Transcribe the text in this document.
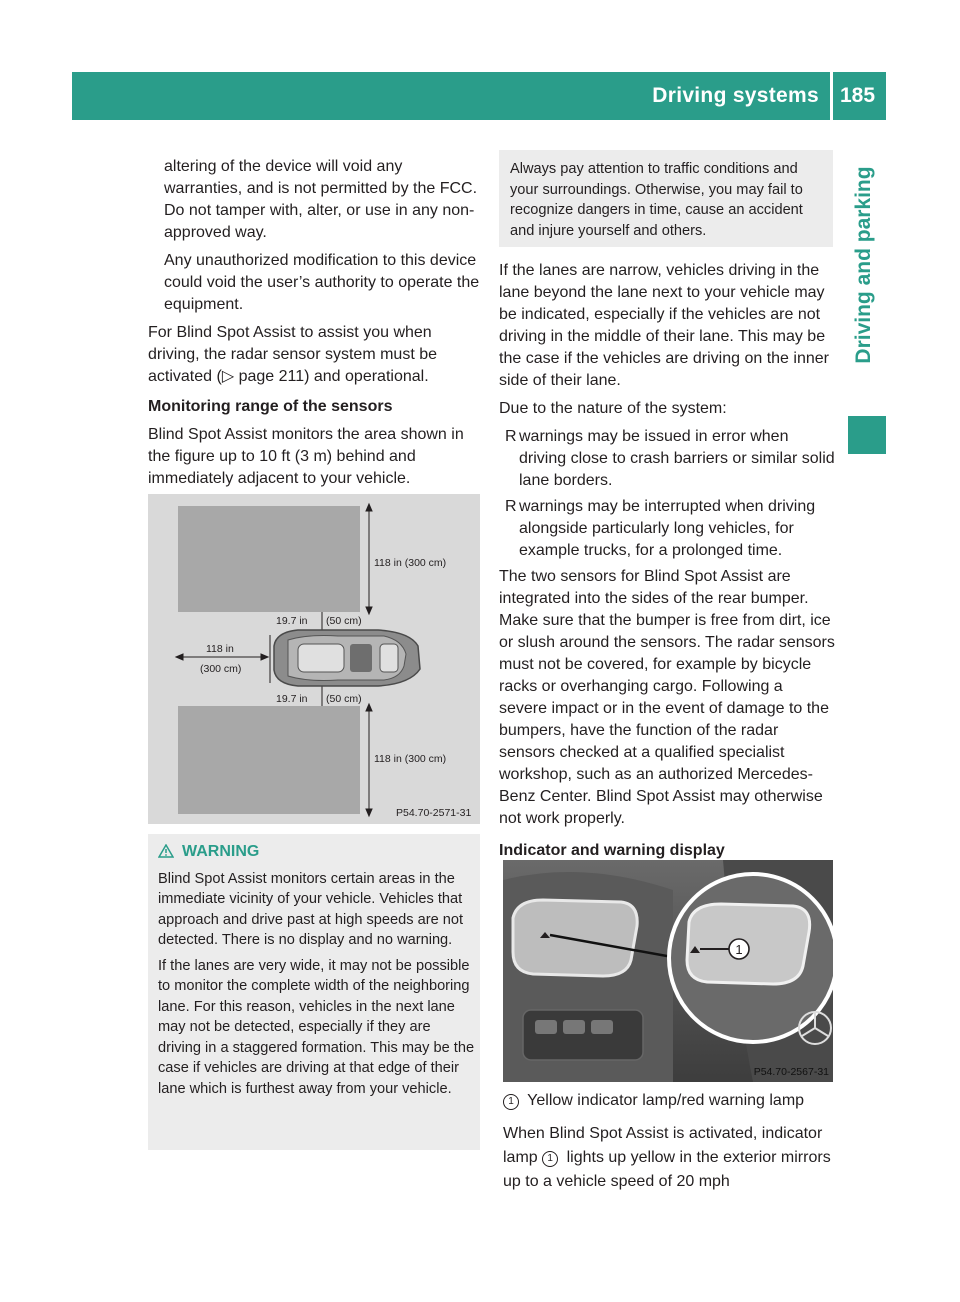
Driving systems 185
Driving and parking

altering of the device will void any warranties, and is not permitted by the FCC. Do not tamper with, alter, or use in any non-approved way.

Any unauthorized modification to this device could void the user’s authority to operate the equipment.

For Blind Spot Assist to assist you when driving, the radar sensor system must be activated (▷ page 211) and operational.

Monitoring range of the sensors

Blind Spot Assist monitors the area shown in the figure up to 10 ft (3 m) behind and immediately adjacent to your vehicle.

118 in (300 cm)
19.7 in (50 cm)
118 in
(300 cm)
19.7 in (50 cm)
118 in (300 cm)
P54.70-2571-31
WARNING

Blind Spot Assist monitors certain areas in the immediate vicinity of your vehicle. Vehicles that approach and drive past at high speeds are not detected. There is no display and no warning.

If the lanes are very wide, it may not be possible to monitor the complete width of the neighboring lane. For this reason, vehicles in the next lane may not be detected, especially if they are driving in a staggered formation. This may be the case if vehicles are driving at that edge of their lane which is furthest away from your vehicle.

Always pay attention to traffic conditions and your surroundings. Otherwise, you may fail to recognize dangers in time, cause an accident and injure yourself and others.

If the lanes are narrow, vehicles driving in the lane beyond the lane next to your vehicle may be indicated, especially if the vehicles are not driving in the middle of their lane. This may be the case if the vehicles are driving on the inner side of their lane.

Due to the nature of the system:

R warnings may be issued in error when driving close to crash barriers or similar solid lane borders.
R warnings may be interrupted when driving alongside particularly long vehicles, for example trucks, for a prolonged time.

The two sensors for Blind Spot Assist are integrated into the sides of the rear bumper. Make sure that the bumper is free from dirt, ice or slush around the sensors. The radar sensors must not be covered, for example by bicycle racks or overhanging cargo. Following a severe impact or in the event of damage to the bumpers, have the function of the radar sensors checked at a qualified specialist workshop, such as an authorized Mercedes-Benz Center. Blind Spot Assist may otherwise not work properly.

Indicator and warning display

1
P54.70-2567-31

1 Yellow indicator lamp/red warning lamp

When Blind Spot Assist is activated, indicator lamp 1 lights up yellow in the exterior mirrors up to a vehicle speed of 20 mph
